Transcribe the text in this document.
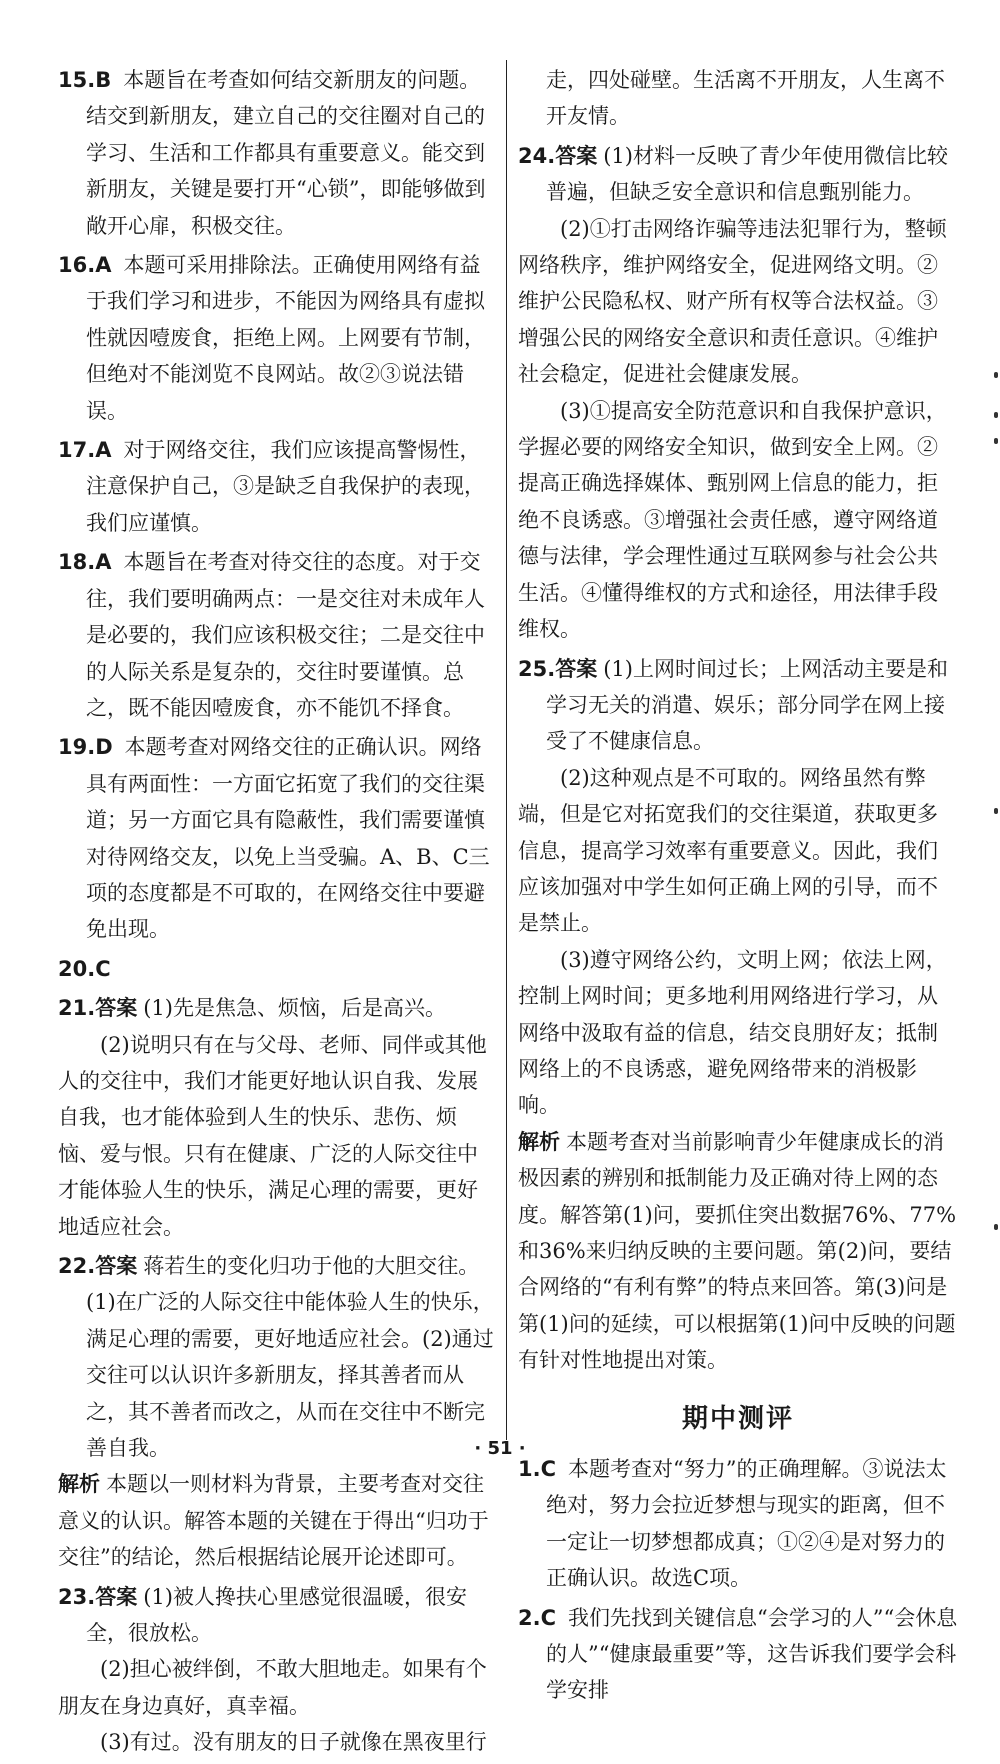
15.B 本题旨在考查如何结交新朋友的问题。结交到新朋友，建立自己的交往圈对自己的学习、生活和工作都具有重要意义。能交到新朋友，关键是要打开“心锁”，即能够做到敞开心扉，积极交往。
16.A 本题可采用排除法。正确使用网络有益于我们学习和进步，不能因为网络具有虚拟性就因噎废食，拒绝上网。上网要有节制，但绝对不能浏览不良网站。故②③说法错误。
17.A 对于网络交往，我们应该提高警惕性，注意保护自己，③是缺乏自我保护的表现，我们应谨慎。
18.A 本题旨在考查对待交往的态度。对于交往，我们要明确两点：一是交往对未成年人是必要的，我们应该积极交往；二是交往中的人际关系是复杂的，交往时要谨慎。总之，既不能因噎废食，亦不能饥不择食。
19.D 本题考查对网络交往的正确认识。网络具有两面性：一方面它拓宽了我们的交往渠道；另一方面它具有隐蔽性，我们需要谨慎对待网络交友，以免上当受骗。A、B、C三项的态度都是不可取的，在网络交往中要避免出现。
20.C
21.答案 (1)先是焦急、烦恼，后是高兴。
(2)说明只有在与父母、老师、同伴或其他人的交往中，我们才能更好地认识自我、发展自我，也才能体验到人生的快乐、悲伤、烦恼、爱与恨。只有在健康、广泛的人际交往中才能体验人生的快乐，满足心理的需要，更好地适应社会。
22.答案 蒋若生的变化归功于他的大胆交往。(1)在广泛的人际交往中能体验人生的快乐，满足心理的需要，更好地适应社会。(2)通过交往可以认识许多新朋友，择其善者而从之，其不善者而改之，从而在交往中不断完善自我。
解析 本题以一则材料为背景，主要考查对交往意义的认识。解答本题的关键在于得出“归功于交往”的结论，然后根据结论展开论述即可。
23.答案 (1)被人搀扶心里感觉很温暖，很安全，很放松。
(2)担心被绊倒，不敢大胆地走。如果有个朋友在身边真好，真幸福。
(3)有过。没有朋友的日子就像在黑夜里行
走，四处碰壁。生活离不开朋友，人生离不开友情。
24.答案 (1)材料一反映了青少年使用微信比较普遍，但缺乏安全意识和信息甄别能力。
(2)①打击网络诈骗等违法犯罪行为，整顿网络秩序，维护网络安全，促进网络文明。②维护公民隐私权、财产所有权等合法权益。③增强公民的网络安全意识和责任意识。④维护社会稳定，促进社会健康发展。
(3)①提高安全防范意识和自我保护意识，学握必要的网络安全知识，做到安全上网。②提高正确选择媒体、甄别网上信息的能力，拒绝不良诱惑。③增强社会责任感，遵守网络道德与法律，学会理性通过互联网参与社会公共生活。④懂得维权的方式和途径，用法律手段维权。
25.答案 (1)上网时间过长；上网活动主要是和学习无关的消遣、娱乐；部分同学在网上接受了不健康信息。
(2)这种观点是不可取的。网络虽然有弊端，但是它对拓宽我们的交往渠道，获取更多信息，提高学习效率有重要意义。因此，我们应该加强对中学生如何正确上网的引导，而不是禁止。
(3)遵守网络公约，文明上网；依法上网，控制上网时间；更多地利用网络进行学习，从网络中汲取有益的信息，结交良朋好友；抵制网络上的不良诱惑，避免网络带来的消极影响。
解析 本题考查对当前影响青少年健康成长的消极因素的辨别和抵制能力及正确对待上网的态度。解答第(1)问，要抓住突出数据76%、77%和36%来归纳反映的主要问题。第(2)问，要结合网络的“有利有弊”的特点来回答。第(3)问是第(1)问的延续，可以根据第(1)问中反映的问题有针对性地提出对策。
期中测评
1.C 本题考查对“努力”的正确理解。③说法太绝对，努力会拉近梦想与现实的距离，但不一定让一切梦想都成真；①②④是对努力的正确认识。故选C项。
2.C 我们先找到关键信息“会学习的人”“会休息的人”“健康最重要”等，这告诉我们要学会科学安排
· 51 ·
